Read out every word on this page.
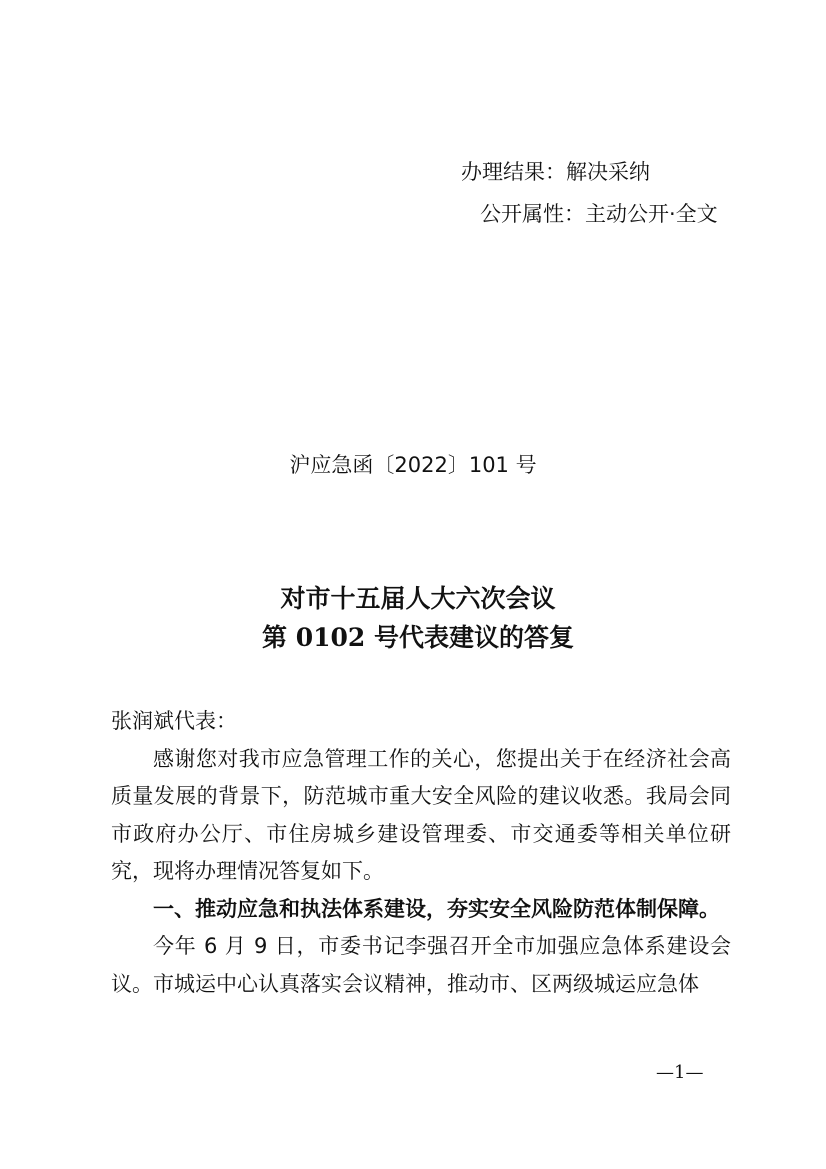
办理结果：解决采纳
公开属性：主动公开·全文
沪应急函〔2022〕101 号
对市十五届人大六次会议
第 0102 号代表建议的答复

张润斌代表：

感谢您对我市应急管理工作的关心，您提出关于在经济社会高质量发展的背景下，防范城市重大安全风险的建议收悉。我局会同市政府办公厅、市住房城乡建设管理委、市交通委等相关单位研究，现将办理情况答复如下。

一、推动应急和执法体系建设，夯实安全风险防范体制保障。

今年 6 月 9 日，市委书记李强召开全市加强应急体系建设会议。市城运中心认真落实会议精神，推动市、区两级城运应急体

—1—
